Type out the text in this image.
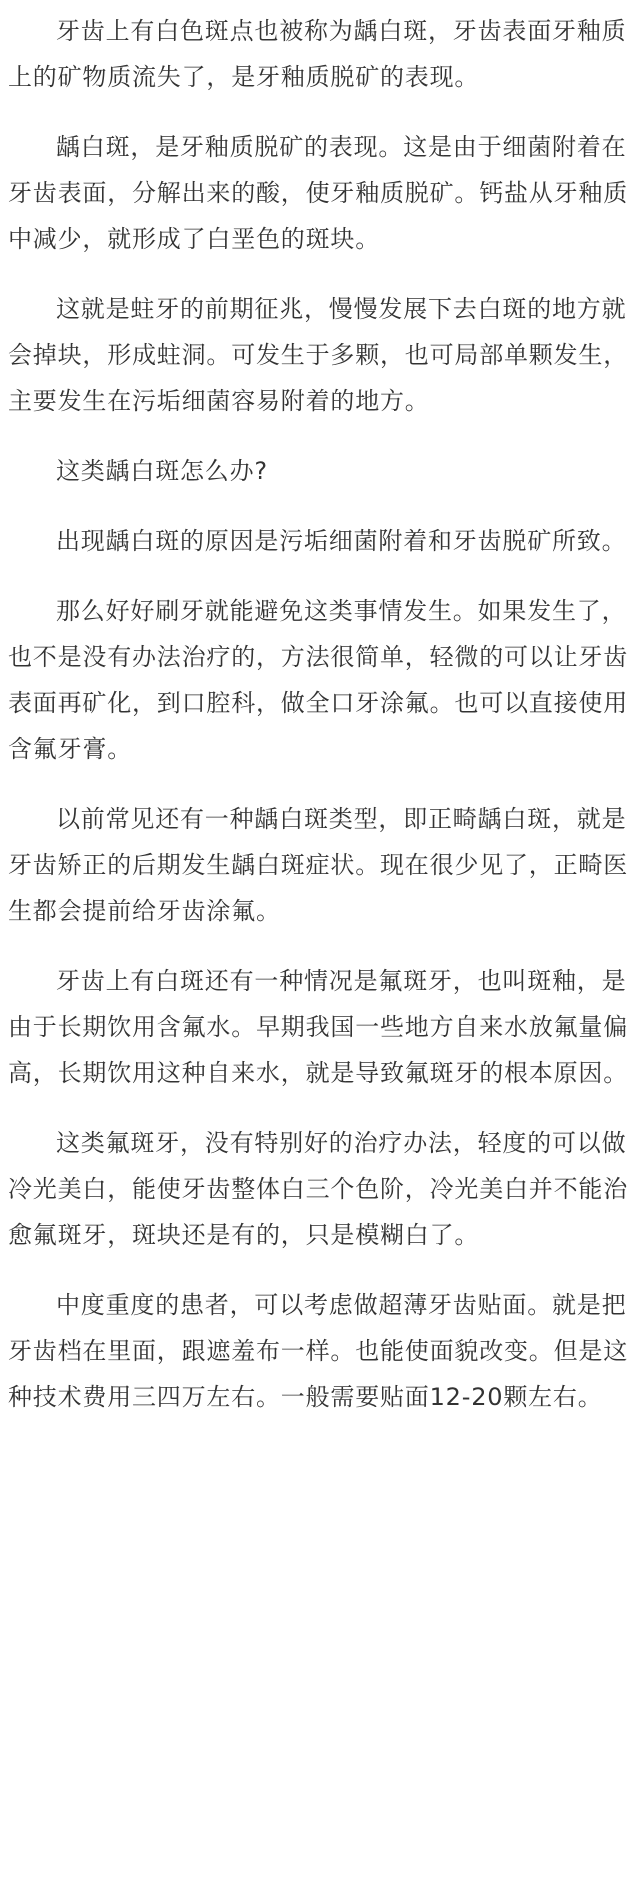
牙齿上有白色斑点也被称为龋白斑，牙齿表面牙釉质上的矿物质流失了，是牙釉质脱矿的表现。

龋白斑，是牙釉质脱矿的表现。这是由于细菌附着在牙齿表面，分解出来的酸，使牙釉质脱矿。钙盐从牙釉质中减少，就形成了白垩色的斑块。

这就是蛀牙的前期征兆，慢慢发展下去白斑的地方就会掉块，形成蛀洞。可发生于多颗，也可局部单颗发生，主要发生在污垢细菌容易附着的地方。

这类龋白斑怎么办?

出现龋白斑的原因是污垢细菌附着和牙齿脱矿所致。

那么好好刷牙就能避免这类事情发生。如果发生了，也不是没有办法治疗的，方法很简单，轻微的可以让牙齿表面再矿化，到口腔科，做全口牙涂氟。也可以直接使用含氟牙膏。

以前常见还有一种龋白斑类型，即正畸龋白斑，就是牙齿矫正的后期发生龋白斑症状。现在很少见了，正畸医生都会提前给牙齿涂氟。

牙齿上有白斑还有一种情况是氟斑牙，也叫斑釉，是由于长期饮用含氟水。早期我国一些地方自来水放氟量偏高，长期饮用这种自来水，就是导致氟斑牙的根本原因。

这类氟斑牙，没有特别好的治疗办法，轻度的可以做冷光美白，能使牙齿整体白三个色阶，冷光美白并不能治愈氟斑牙，斑块还是有的，只是模糊白了。

中度重度的患者，可以考虑做超薄牙齿贴面。就是把牙齿档在里面，跟遮羞布一样。也能使面貌改变。但是这种技术费用三四万左右。一般需要贴面12-20颗左右。
